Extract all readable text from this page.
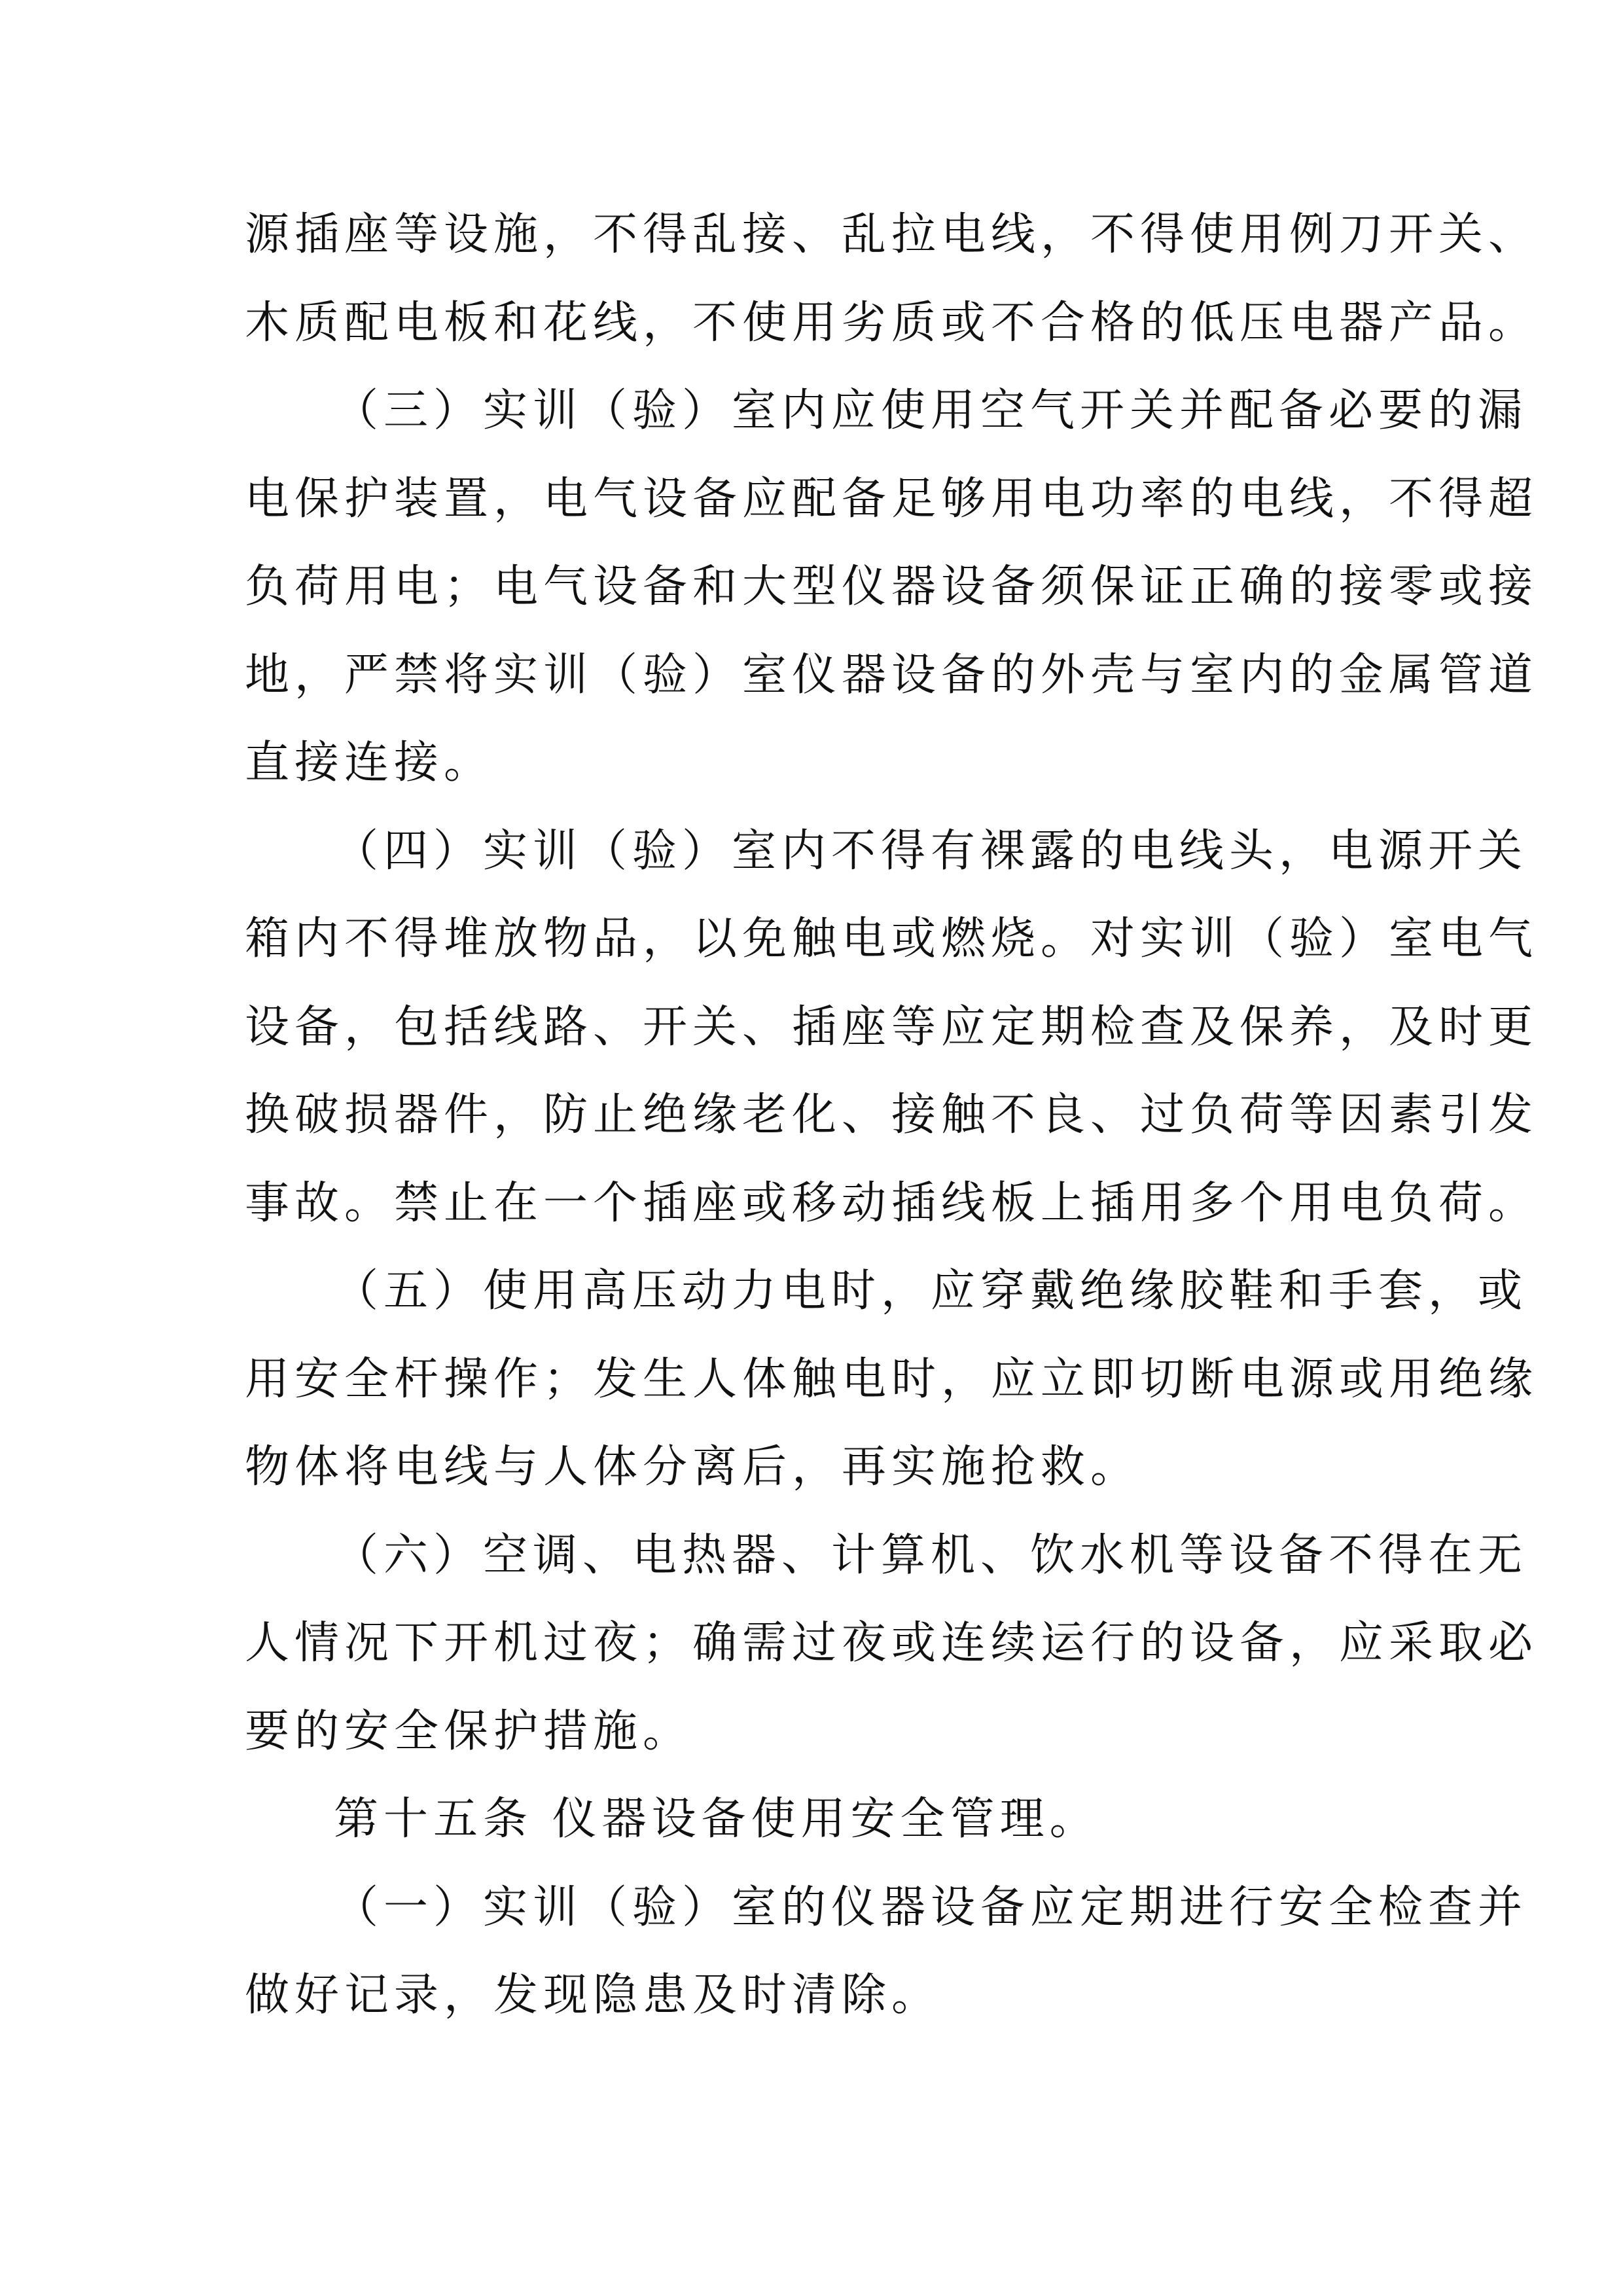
源插座等设施，不得乱接、乱拉电线，不得使用例刀开关、
木质配电板和花线，不使用劣质或不合格的低压电器产品。
（三）实训（验）室内应使用空气开关并配备必要的漏
电保护装置，电气设备应配备足够用电功率的电线，不得超
负荷用电；电气设备和大型仪器设备须保证正确的接零或接
地，严禁将实训（验）室仪器设备的外壳与室内的金属管道
直接连接。
（四）实训（验）室内不得有裸露的电线头，电源开关
箱内不得堆放物品，以免触电或燃烧。对实训（验）室电气
设备，包括线路、开关、插座等应定期检查及保养，及时更
换破损器件，防止绝缘老化、接触不良、过负荷等因素引发
事故。禁止在一个插座或移动插线板上插用多个用电负荷。
（五）使用高压动力电时，应穿戴绝缘胶鞋和手套，或
用安全杆操作；发生人体触电时，应立即切断电源或用绝缘
物体将电线与人体分离后，再实施抢救。
（六）空调、电热器、计算机、饮水机等设备不得在无
人情况下开机过夜；确需过夜或连续运行的设备，应采取必
要的安全保护措施。
第十五条 仪器设备使用安全管理。
（一）实训（验）室的仪器设备应定期进行安全检查并
做好记录，发现隐患及时清除。
